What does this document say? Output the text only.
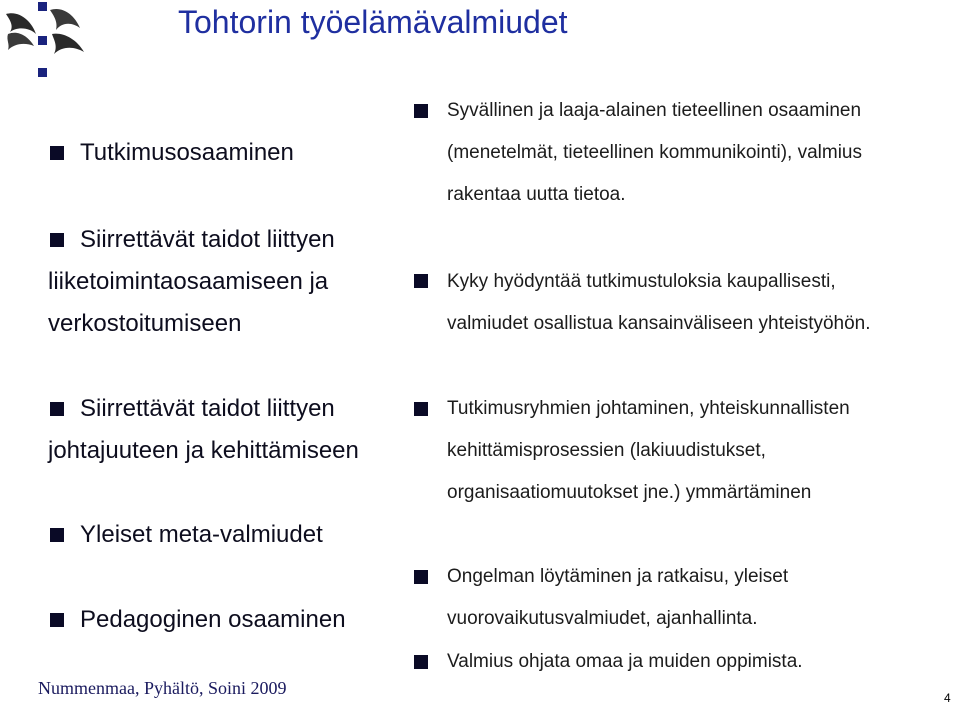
Tohtorin työelämävalmiudet
Tutkimusosaaminen
Siirrettävät taidot liittyen
liiketoimintaosaamiseen ja
verkostoitumiseen
Siirrettävät taidot liittyen
johtajuuteen ja kehittämiseen
Yleiset meta-valmiudet
Pedagoginen osaaminen
Syvällinen ja laaja-alainen tieteellinen osaaminen
(menetelmät, tieteellinen kommunikointi), valmius
rakentaa uutta tietoa.
Kyky hyödyntää tutkimustuloksia kaupallisesti,
valmiudet osallistua kansainväliseen yhteistyöhön.
Tutkimusryhmien johtaminen, yhteiskunnallisten
kehittämisprosessien (lakiuudistukset,
organisaatiomuutokset jne.) ymmärtäminen
Ongelman löytäminen ja ratkaisu, yleiset
vuorovaikutusvalmiudet, ajanhallinta.
Valmius ohjata omaa ja muiden oppimista.
Nummenmaa, Pyhältö, Soini 2009	4
